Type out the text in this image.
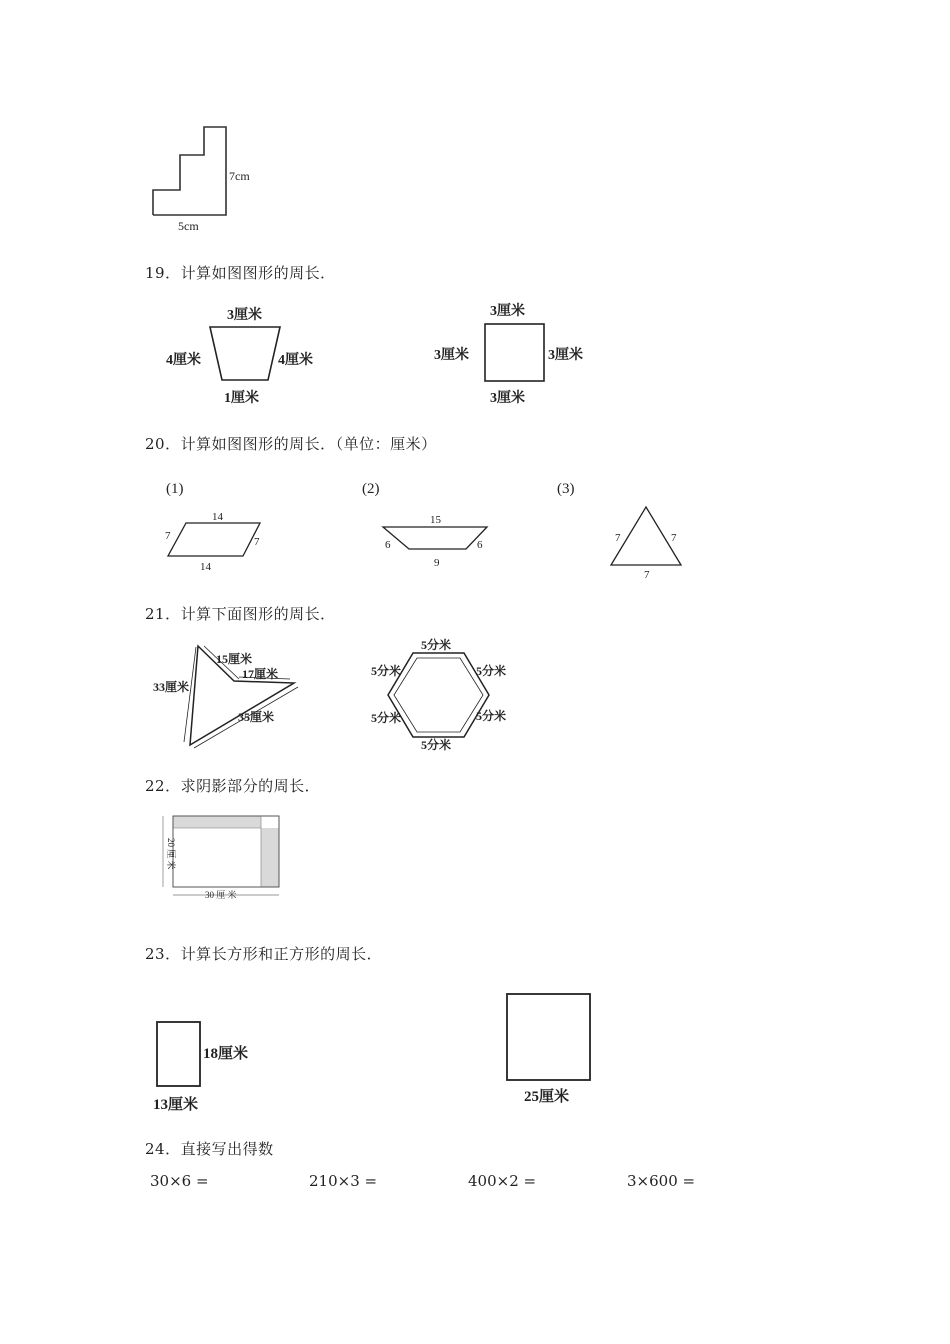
7cm
5cm
19．计算如图图形的周长．
3厘米
4厘米	4厘米
1厘米
3厘米
3厘米	3厘米
3厘米
20．计算如图图形的周长．（单位：厘米）
(1)
14
7	7
14
(2)
15
6	6
9
(3)
7	7
7
21．计算下面图形的周长．
15厘米
17厘米
33厘米
35厘米
5分米
5分米	5分米
5分米	5分米
5分米
22．求阴影部分的周长．
20 厘 米
30 厘 米
23．计算长方形和正方形的周长．
18厘米
13厘米	25厘米
24．直接写出得数
30×6 =	210×3 =	400×2 =	3×600 =
